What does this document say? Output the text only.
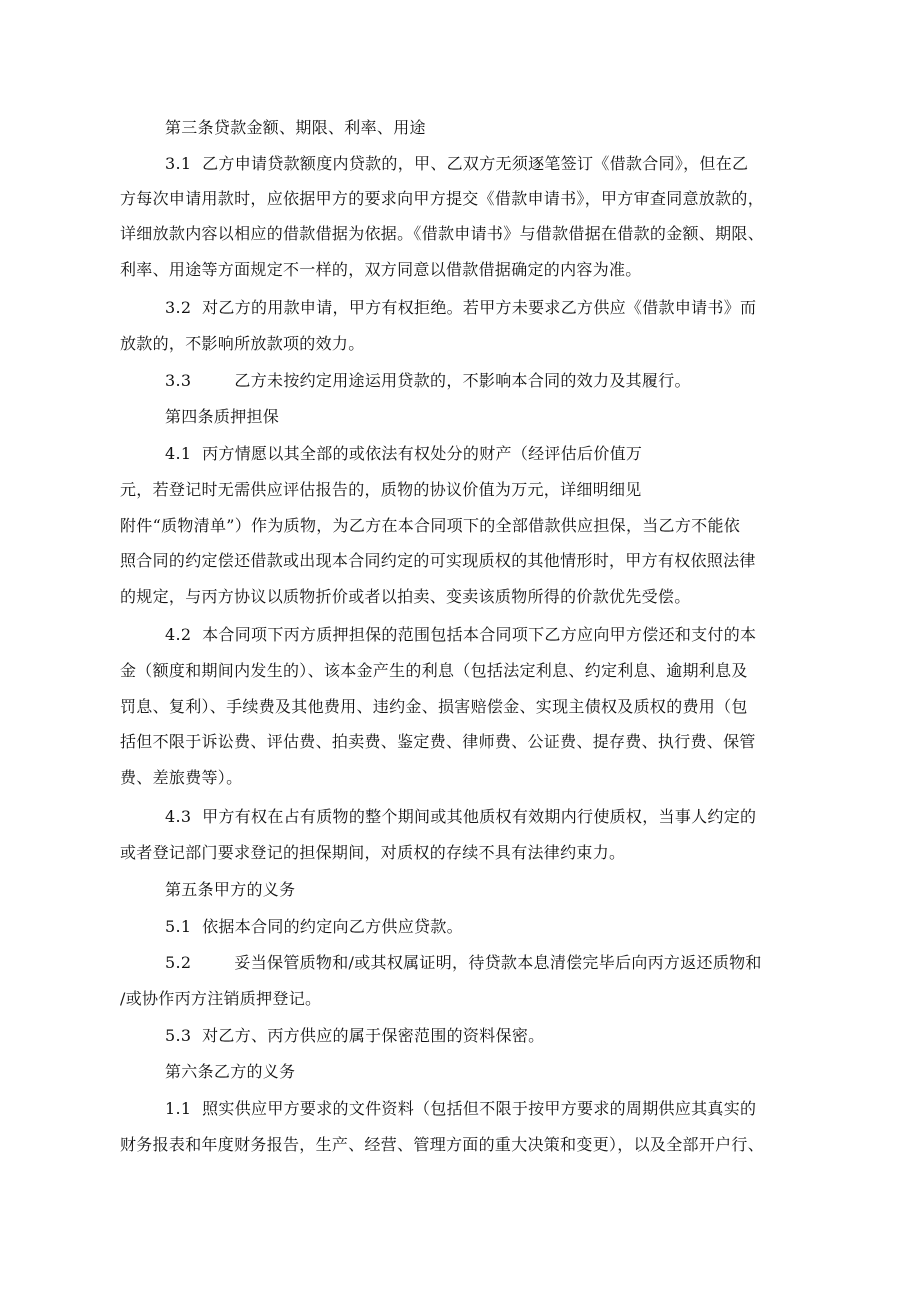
第三条贷款金额、期限、利率、用途
3.1  乙方申请贷款额度内贷款的，甲、乙双方无须逐笔签订《借款合同》，但在乙
方每次申请用款时，应依据甲方的要求向甲方提交《借款申请书》，甲方审查同意放款的，
详细放款内容以相应的借款借据为依据。《借款申请书》与借款借据在借款的金额、期限、
利率、用途等方面规定不一样的，双方同意以借款借据确定的内容为准。
3.2  对乙方的用款申请，甲方有权拒绝。若甲方未要求乙方供应《借款申请书》而
放款的，不影响所放款项的效力。
3.3        乙方未按约定用途运用贷款的，不影响本合同的效力及其履行。
第四条质押担保
4.1  丙方情愿以其全部的或依法有权处分的财产（经评估后价值万
元，若登记时无需供应评估报告的，质物的协议价值为万元，详细明细见
附件“质物清单”）作为质物，为乙方在本合同项下的全部借款供应担保，当乙方不能依
照合同的约定偿还借款或出现本合同约定的可实现质权的其他情形时，甲方有权依照法律
的规定，与丙方协议以质物折价或者以拍卖、变卖该质物所得的价款优先受偿。
4.2  本合同项下丙方质押担保的范围包括本合同项下乙方应向甲方偿还和支付的本
金（额度和期间内发生的）、该本金产生的利息（包括法定利息、约定利息、逾期利息及
罚息、复利）、手续费及其他费用、违约金、损害赔偿金、实现主债权及质权的费用（包
括但不限于诉讼费、评估费、拍卖费、鉴定费、律师费、公证费、提存费、执行费、保管
费、差旅费等）。
4.3  甲方有权在占有质物的整个期间或其他质权有效期内行使质权，当事人约定的
或者登记部门要求登记的担保期间，对质权的存续不具有法律约束力。
第五条甲方的义务
5.1  依据本合同的约定向乙方供应贷款。
5.2        妥当保管质物和/或其权属证明，待贷款本息清偿完毕后向丙方返还质物和
/或协作丙方注销质押登记。
5.3  对乙方、丙方供应的属于保密范围的资料保密。
第六条乙方的义务
1.1  照实供应甲方要求的文件资料（包括但不限于按甲方要求的周期供应其真实的
财务报表和年度财务报告，生产、经营、管理方面的重大决策和变更），以及全部开户行、
